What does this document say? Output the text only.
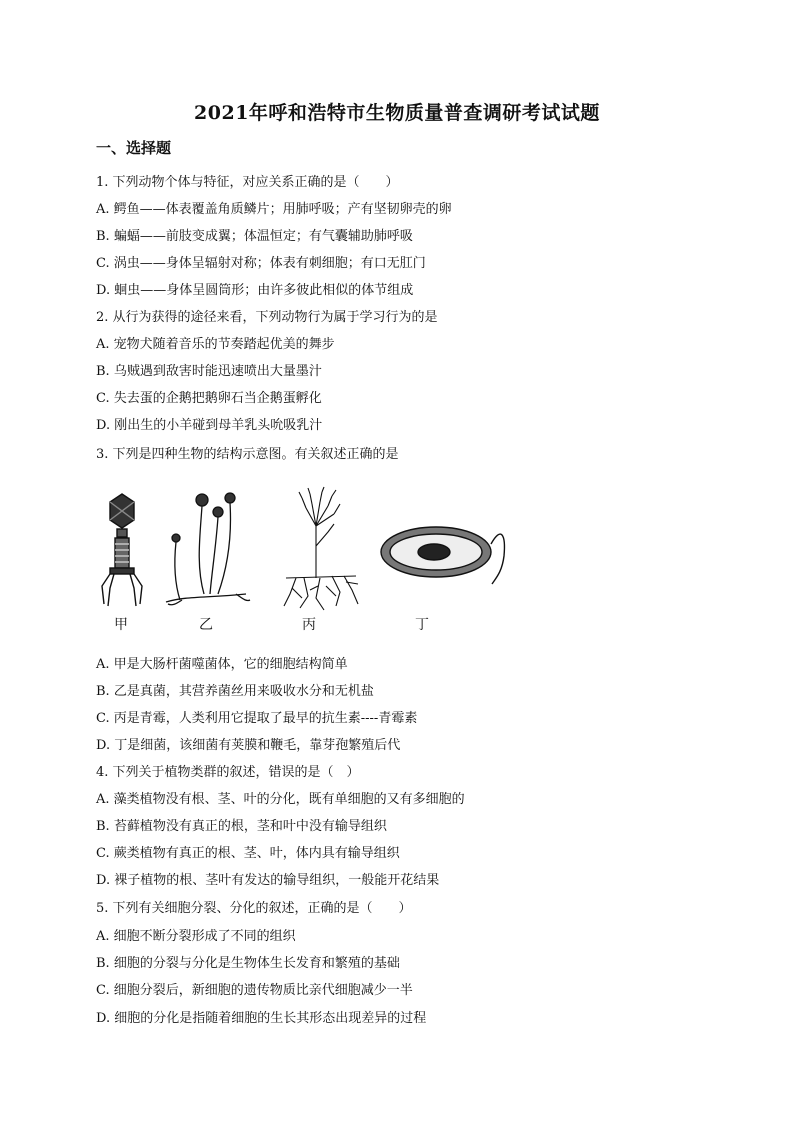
2021年呼和浩特市生物质量普查调研考试试题
一、选择题
1. 下列动物个体与特征，对应关系正确的是（　　）
A. 鳄鱼——体表覆盖角质鳞片；用肺呼吸；产有坚韧卵壳的卵
B. 蝙蝠——前肢变成翼；体温恒定；有气囊辅助肺呼吸
C. 涡虫——身体呈辐射对称；体表有刺细胞；有口无肛门
D. 蛔虫——身体呈圆筒形；由许多彼此相似的体节组成
2. 从行为获得的途径来看，下列动物行为属于学习行为的是
A. 宠物犬随着音乐的节奏踏起优美的舞步
B. 乌贼遇到敌害时能迅速喷出大量墨汁
C. 失去蛋的企鹅把鹅卵石当企鹅蛋孵化
D. 刚出生的小羊碰到母羊乳头吮吸乳汁
3. 下列是四种生物的结构示意图。有关叙述正确的是
甲	乙	丙	丁
A. 甲是大肠杆菌噬菌体，它的细胞结构简单
B. 乙是真菌，其营养菌丝用来吸收水分和无机盐
C. 丙是青霉，人类利用它提取了最早的抗生素----青霉素
D. 丁是细菌，该细菌有荚膜和鞭毛，靠芽孢繁殖后代
4. 下列关于植物类群的叙述，错误的是（　）
A. 藻类植物没有根、茎、叶的分化，既有单细胞的又有多细胞的
B. 苔藓植物没有真正的根，茎和叶中没有输导组织
C. 蕨类植物有真正的根、茎、叶，体内具有输导组织
D. 裸子植物的根、茎叶有发达的输导组织，一般能开花结果
5. 下列有关细胞分裂、分化的叙述，正确的是（　　）
A. 细胞不断分裂形成了不同的组织
B. 细胞的分裂与分化是生物体生长发育和繁殖的基础
C. 细胞分裂后，新细胞的遗传物质比亲代细胞减少一半
D. 细胞的分化是指随着细胞的生长其形态出现差异的过程
